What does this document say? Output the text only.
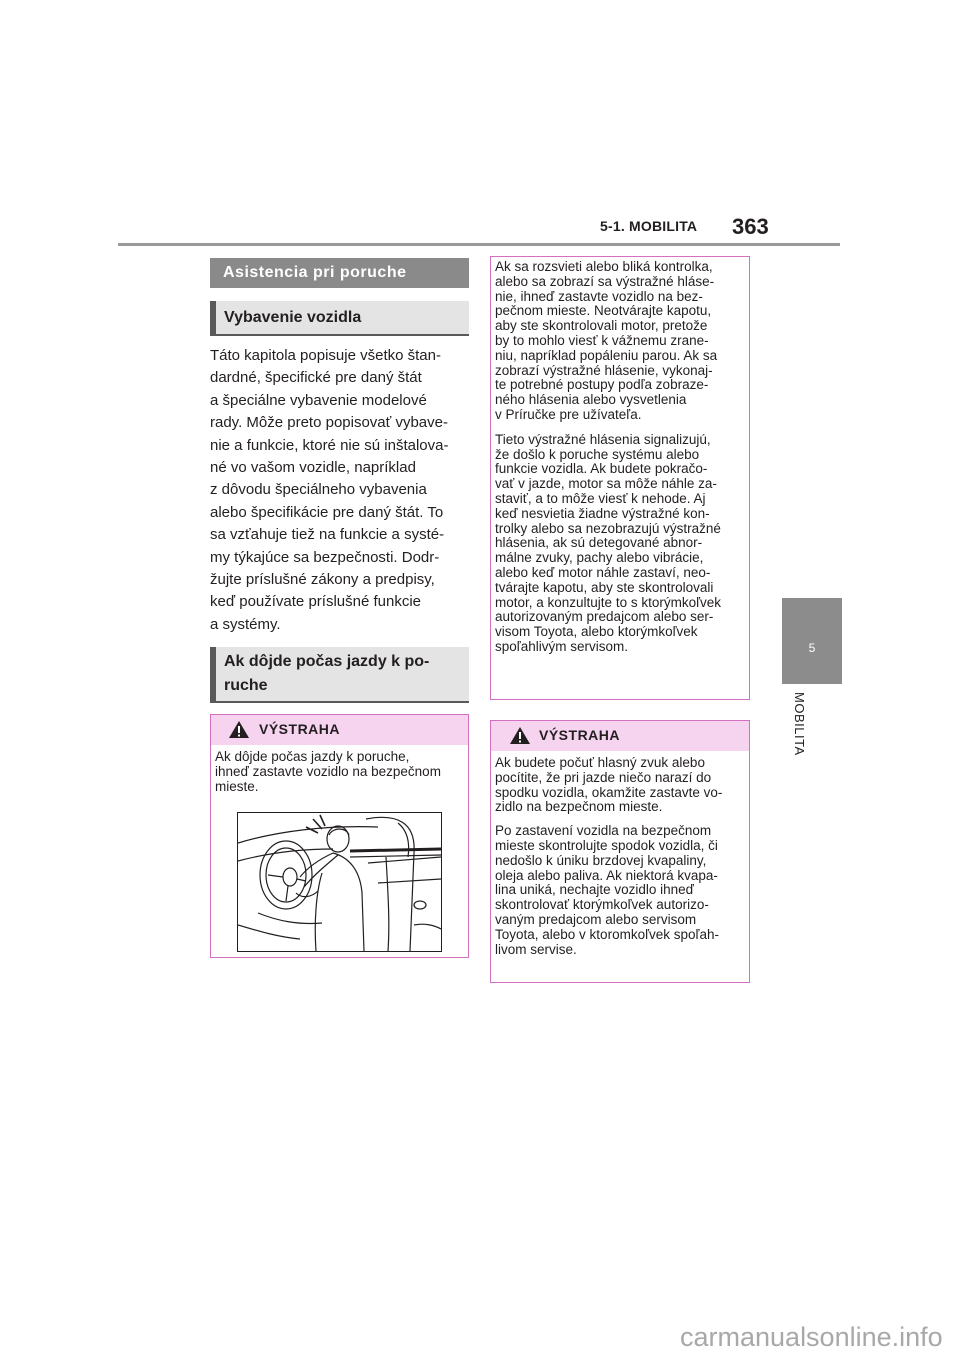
5-1. MOBILITA 363
5
MOBILITA
Asistencia pri poruche
Vybavenie vozidla

Táto kapitola popisuje všetko štan-
dardné, špecifické pre daný štát
a špeciálne vybavenie modelové
rady. Môže preto popisovať vybave-
nie a funkcie, ktoré nie sú inštalova-
né vo vašom vozidle, napríklad
z dôvodu špeciálneho vybavenia
alebo špecifikácie pre daný štát. To
sa vzťahuje tiež na funkcie a systé-
my týkajúce sa bezpečnosti. Dodr-
žujte príslušné zákony a predpisy,
keď používate príslušné funkcie
a systémy.

Ak dôjde počas jazdy k po-
ruche
VÝSTRAHA

Ak dôjde počas jazdy k poruche,
ihneď zastavte vozidlo na bezpečnom
mieste.

Ak sa rozsvieti alebo bliká kontrolka,
alebo sa zobrazí sa výstražné hláse-
nie, ihneď zastavte vozidlo na bez-
pečnom mieste. Neotvárajte kapotu,
aby ste skontrolovali motor, pretože
by to mohlo viesť k vážnemu zrane-
niu, napríklad popáleniu parou. Ak sa
zobrazí výstražné hlásenie, vykonaj-
te potrebné postupy podľa zobraze-
ného hlásenia alebo vysvetlenia
v Príručke pre užívateľa.

Tieto výstražné hlásenia signalizujú,
že došlo k poruche systému alebo
funkcie vozidla. Ak budete pokračo-
vať v jazde, motor sa môže náhle za-
staviť, a to môže viesť k nehode. Aj
keď nesvietia žiadne výstražné kon-
trolky alebo sa nezobrazujú výstražné
hlásenia, ak sú detegované abnor-
málne zvuky, pachy alebo vibrácie,
alebo keď motor náhle zastaví, neo-
tvárajte kapotu, aby ste skontrolovali
motor, a konzultujte to s ktorýmkoľvek
autorizovaným predajcom alebo ser-
visom Toyota, alebo ktorýmkoľvek
spoľahlivým servisom.

VÝSTRAHA

Ak budete počuť hlasný zvuk alebo
pocítite, že pri jazde niečo narazí do
spodku vozidla, okamžite zastavte vo-
zidlo na bezpečnom mieste.

Po zastavení vozidla na bezpečnom
mieste skontrolujte spodok vozidla, či
nedošlo k úniku brzdovej kvapaliny,
oleja alebo paliva. Ak niektorá kvapa-
lina uniká, nechajte vozidlo ihneď
skontrolovať ktorýmkoľvek autorizo-
vaným predajcom alebo servisom
Toyota, alebo v ktoromkoľvek spoľah-
livom servise.

carmanualsonline.info
